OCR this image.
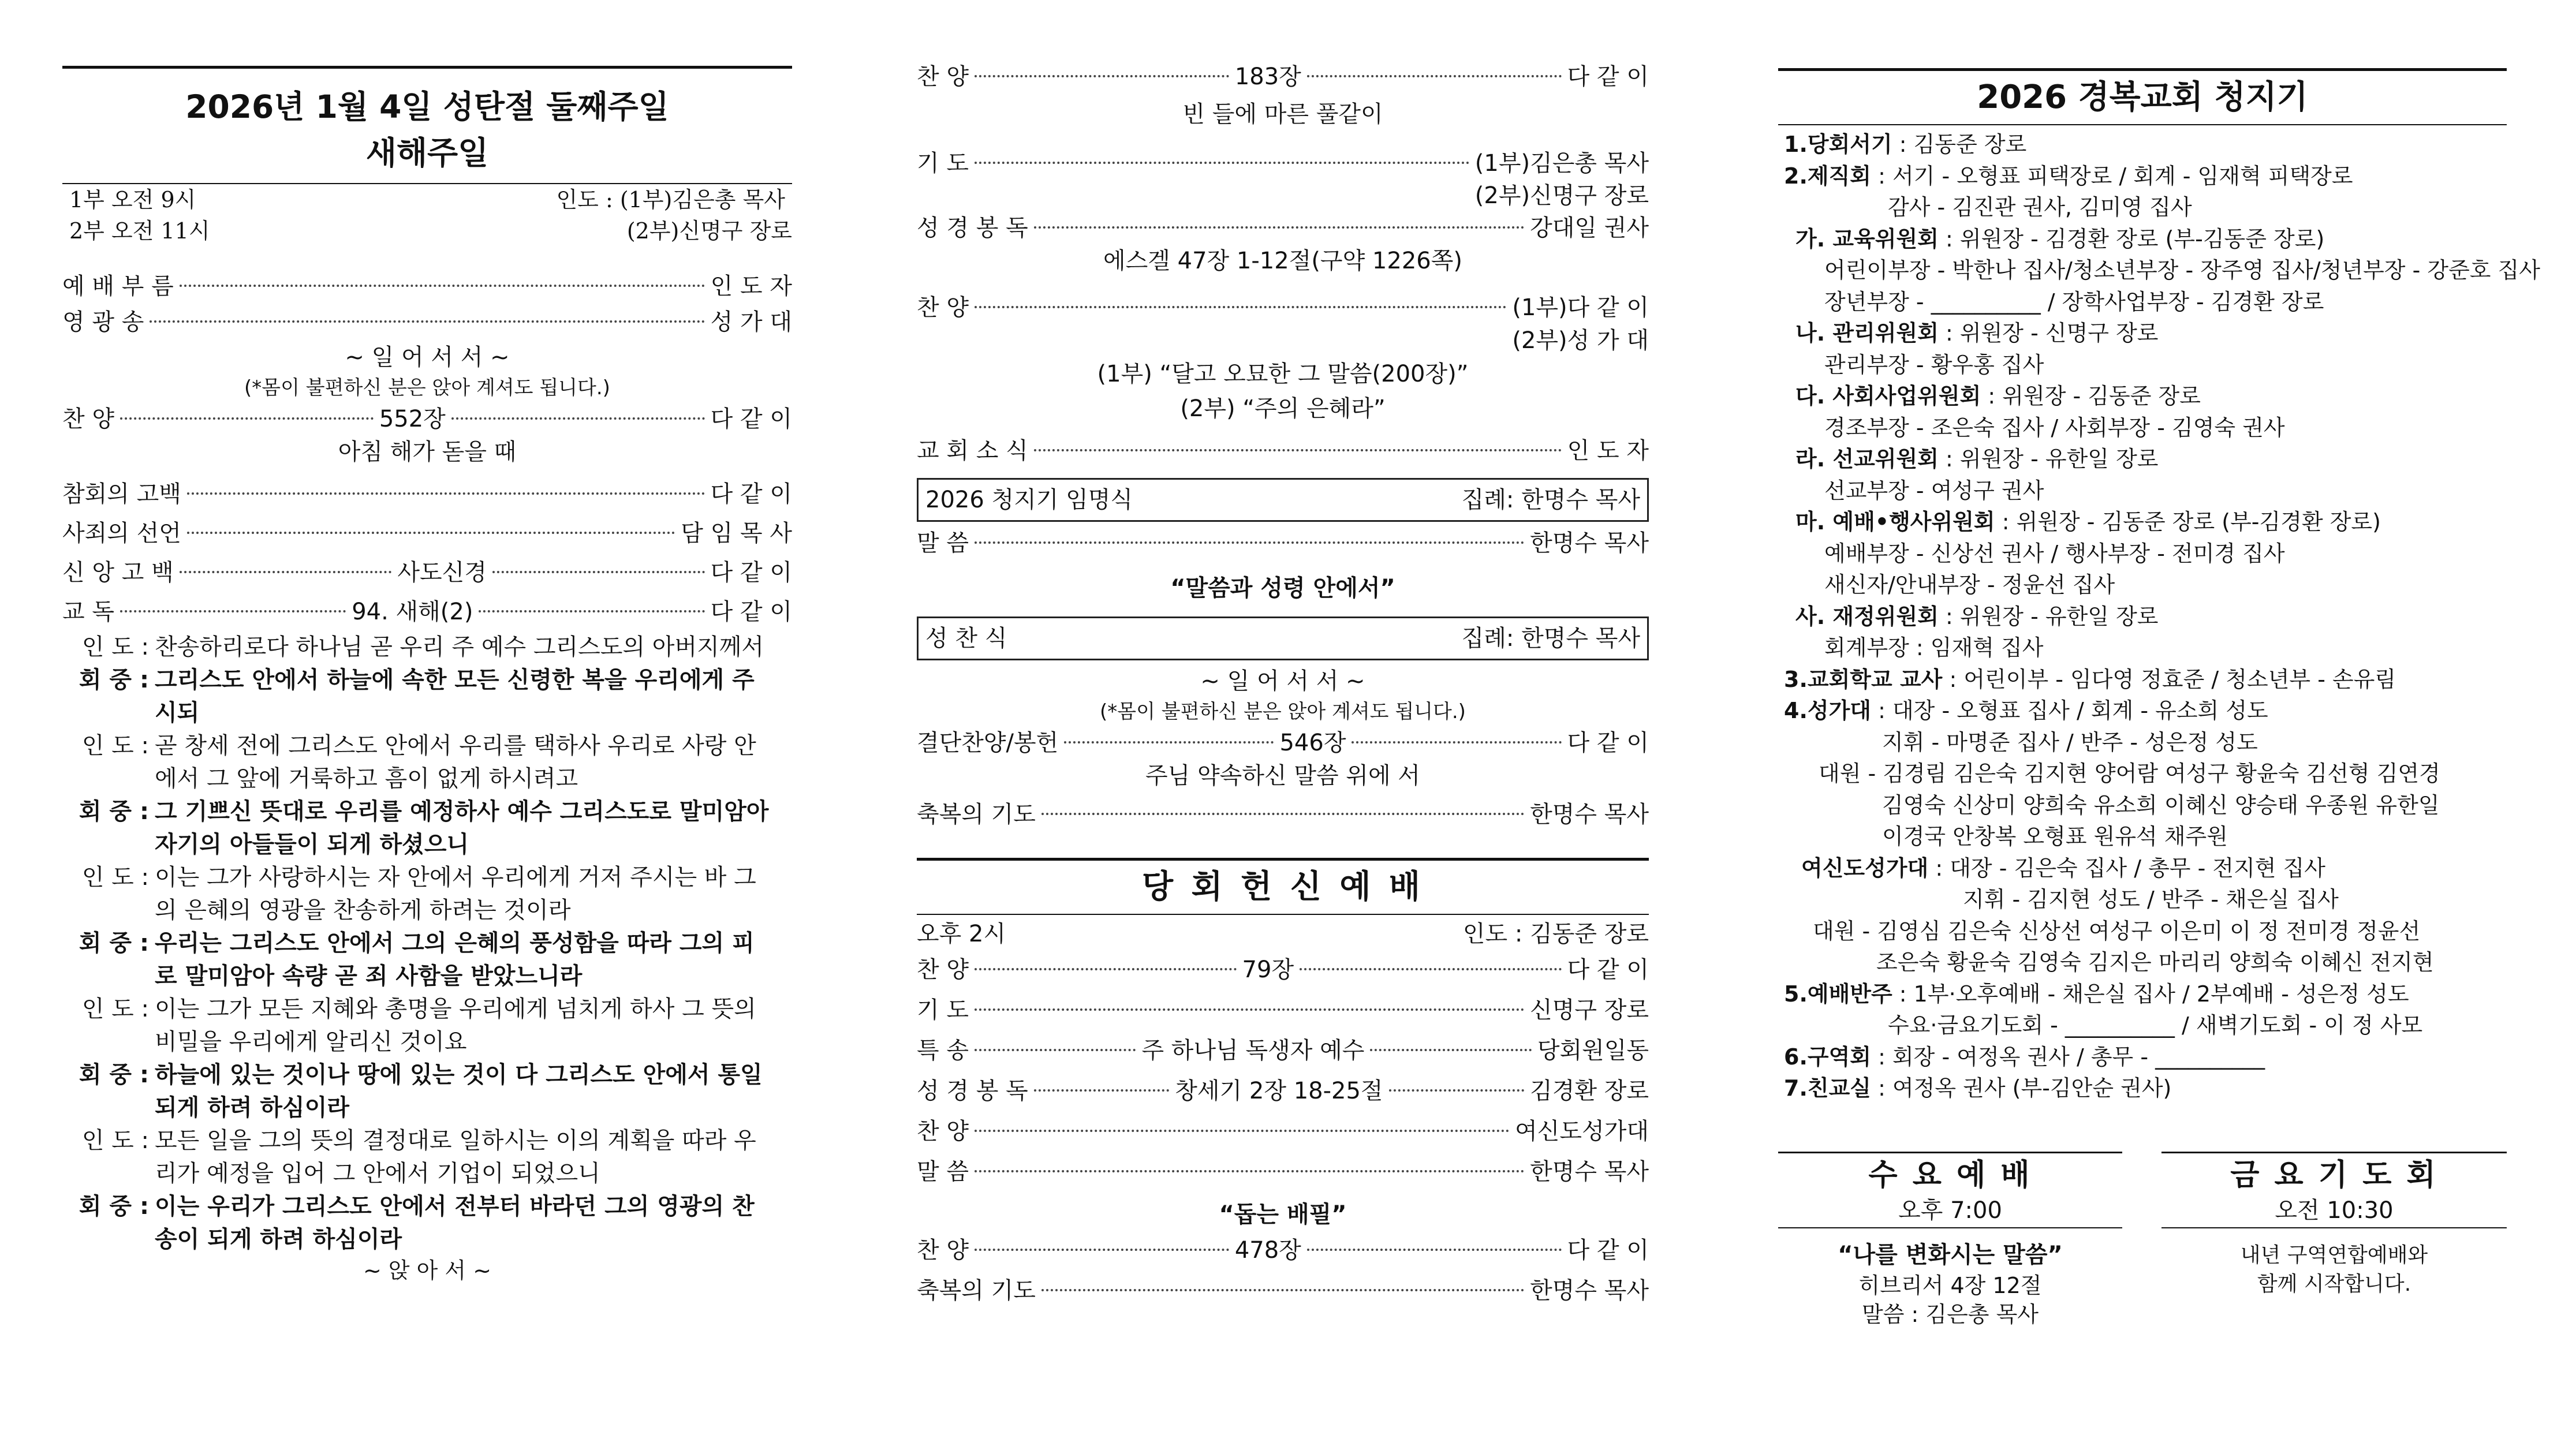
2026년 1월 4일 성탄절 둘째주일
새해주일
1부 오전 9시	인도 : (1부)김은총 목사
2부 오전 11시	(2부)신명구 장로
예 배 부 름	인 도 자
영 광 송	성 가 대
~ 일 어 서 서 ~
(*몸이 불편하신 분은 앉아 계셔도 됩니다.)
찬 양	552장	다 같 이
아침 해가 돋을 때
참회의 고백	다 같 이
사죄의 선언	담 임 목 사
신 앙 고 백	사도신경	다 같 이
교 독	94. 새해(2)	다 같 이
인 도 : 찬송하리로다 하나님 곧 우리 주 예수 그리스도의 아버지께서
회 중 : 그리스도 안에서 하늘에 속한 모든 신령한 복을 우리에게 주시되
인 도 : 곧 창세 전에 그리스도 안에서 우리를 택하사 우리로 사랑 안에서 그 앞에 거룩하고 흠이 없게 하시려고
회 중 : 그 기쁘신 뜻대로 우리를 예정하사 예수 그리스도로 말미암아 자기의 아들들이 되게 하셨으니
인 도 : 이는 그가 사랑하시는 자 안에서 우리에게 거저 주시는 바 그의 은혜의 영광을 찬송하게 하려는 것이라
회 중 : 우리는 그리스도 안에서 그의 은혜의 풍성함을 따라 그의 피로 말미암아 속량 곧 죄 사함을 받았느니라
인 도 : 이는 그가 모든 지혜와 총명을 우리에게 넘치게 하사 그 뜻의 비밀을 우리에게 알리신 것이요
회 중 : 하늘에 있는 것이나 땅에 있는 것이 다 그리스도 안에서 통일되게 하려 하심이라
인 도 : 모든 일을 그의 뜻의 결정대로 일하시는 이의 계획을 따라 우리가 예정을 입어 그 안에서 기업이 되었으니
회 중 : 이는 우리가 그리스도 안에서 전부터 바라던 그의 영광의 찬송이 되게 하려 하심이라
~ 앉 아 서 ~
찬 양	183장	다 같 이
빈 들에 마른 풀같이
기 도	(1부)김은총 목사
(2부)신명구 장로
성 경 봉 독	강대일 권사
에스겔 47장 1-12절(구약 1226쪽)
찬 양	(1부)다 같 이
(2부)성 가 대
(1부) “달고 오묘한 그 말씀(200장)”
(2부) “주의 은혜라”
교 회 소 식	인 도 자
2026 청지기 임명식	집례: 한명수 목사
말 씀	한명수 목사
“말씀과 성령 안에서”
성 찬 식	집례: 한명수 목사
~ 일 어 서 서 ~
(*몸이 불편하신 분은 앉아 계셔도 됩니다.)
결단찬양/봉헌	546장	다 같 이
주님 약속하신 말씀 위에 서
축복의 기도	한명수 목사
당 회 헌 신 예 배
오후 2시	인도 : 김동준 장로
찬 양	79장	다 같 이
기 도	신명구 장로
특 송	주 하나님 독생자 예수	당회원일동
성 경 봉 독	창세기 2장 18-25절	김경환 장로
찬 양	여신도성가대
말 씀	한명수 목사
“돕는 배필”
찬 양	478장	다 같 이
축복의 기도	한명수 목사
2026 경복교회 청지기
1.당회서기 : 김동준 장로
2.제직회 : 서기 - 오형표 피택장로 / 회계 - 임재혁 피택장로
감사 - 김진관 권사, 김미영 집사
가. 교육위원회 : 위원장 - 김경환 장로 (부-김동준 장로)
어린이부장 - 박한나 집사/청소년부장 - 장주영 집사/청년부장 - 강준호 집사
장년부장 - __________ / 장학사업부장 - 김경환 장로
나. 관리위원회 : 위원장 - 신명구 장로
관리부장 - 황우홍 집사
다. 사회사업위원회 : 위원장 - 김동준 장로
경조부장 - 조은숙 집사 / 사회부장 - 김영숙 권사
라. 선교위원회 : 위원장 - 유한일 장로
선교부장 - 여성구 권사
마. 예배•행사위원회 : 위원장 - 김동준 장로 (부-김경환 장로)
예배부장 - 신상선 권사 / 행사부장 - 전미경 집사
새신자/안내부장 - 정윤선 집사
사. 재정위원회 : 위원장 - 유한일 장로
회계부장 : 임재혁 집사
3.교회학교 교사 : 어린이부 - 임다영 정효준 / 청소년부 - 손유림
4.성가대 : 대장 - 오형표 집사 / 회계 - 유소희 성도
지휘 - 마명준 집사 / 반주 - 성은정 성도
대원 - 김경림 김은숙 김지현 양어람 여성구 황윤숙 김선형 김연경
김영숙 신상미 양희숙 유소희 이혜신 양승태 우종원 유한일
이경국 안창복 오형표 원유석 채주원
여신도성가대 : 대장 - 김은숙 집사 / 총무 - 전지현 집사
지휘 - 김지현 성도 / 반주 - 채은실 집사
대원 - 김영심 김은숙 신상선 여성구 이은미 이 정 전미경 정윤선
조은숙 황윤숙 김영숙 김지은 마리리 양희숙 이혜신 전지현
5.예배반주 : 1부·오후예배 - 채은실 집사 / 2부예배 - 성은정 성도
수요·금요기도회 - __________ / 새벽기도회 - 이 정 사모
6.구역회 : 회장 - 여정옥 권사 / 총무 - __________
7.친교실 : 여정옥 권사 (부-김안순 권사)
수 요 예 배
오후 7:00
“나를 변화시는 말씀”
히브리서 4장 12절
말씀 : 김은총 목사
금 요 기 도 회
오전 10:30
내년 구역연합예배와
함께 시작합니다.
